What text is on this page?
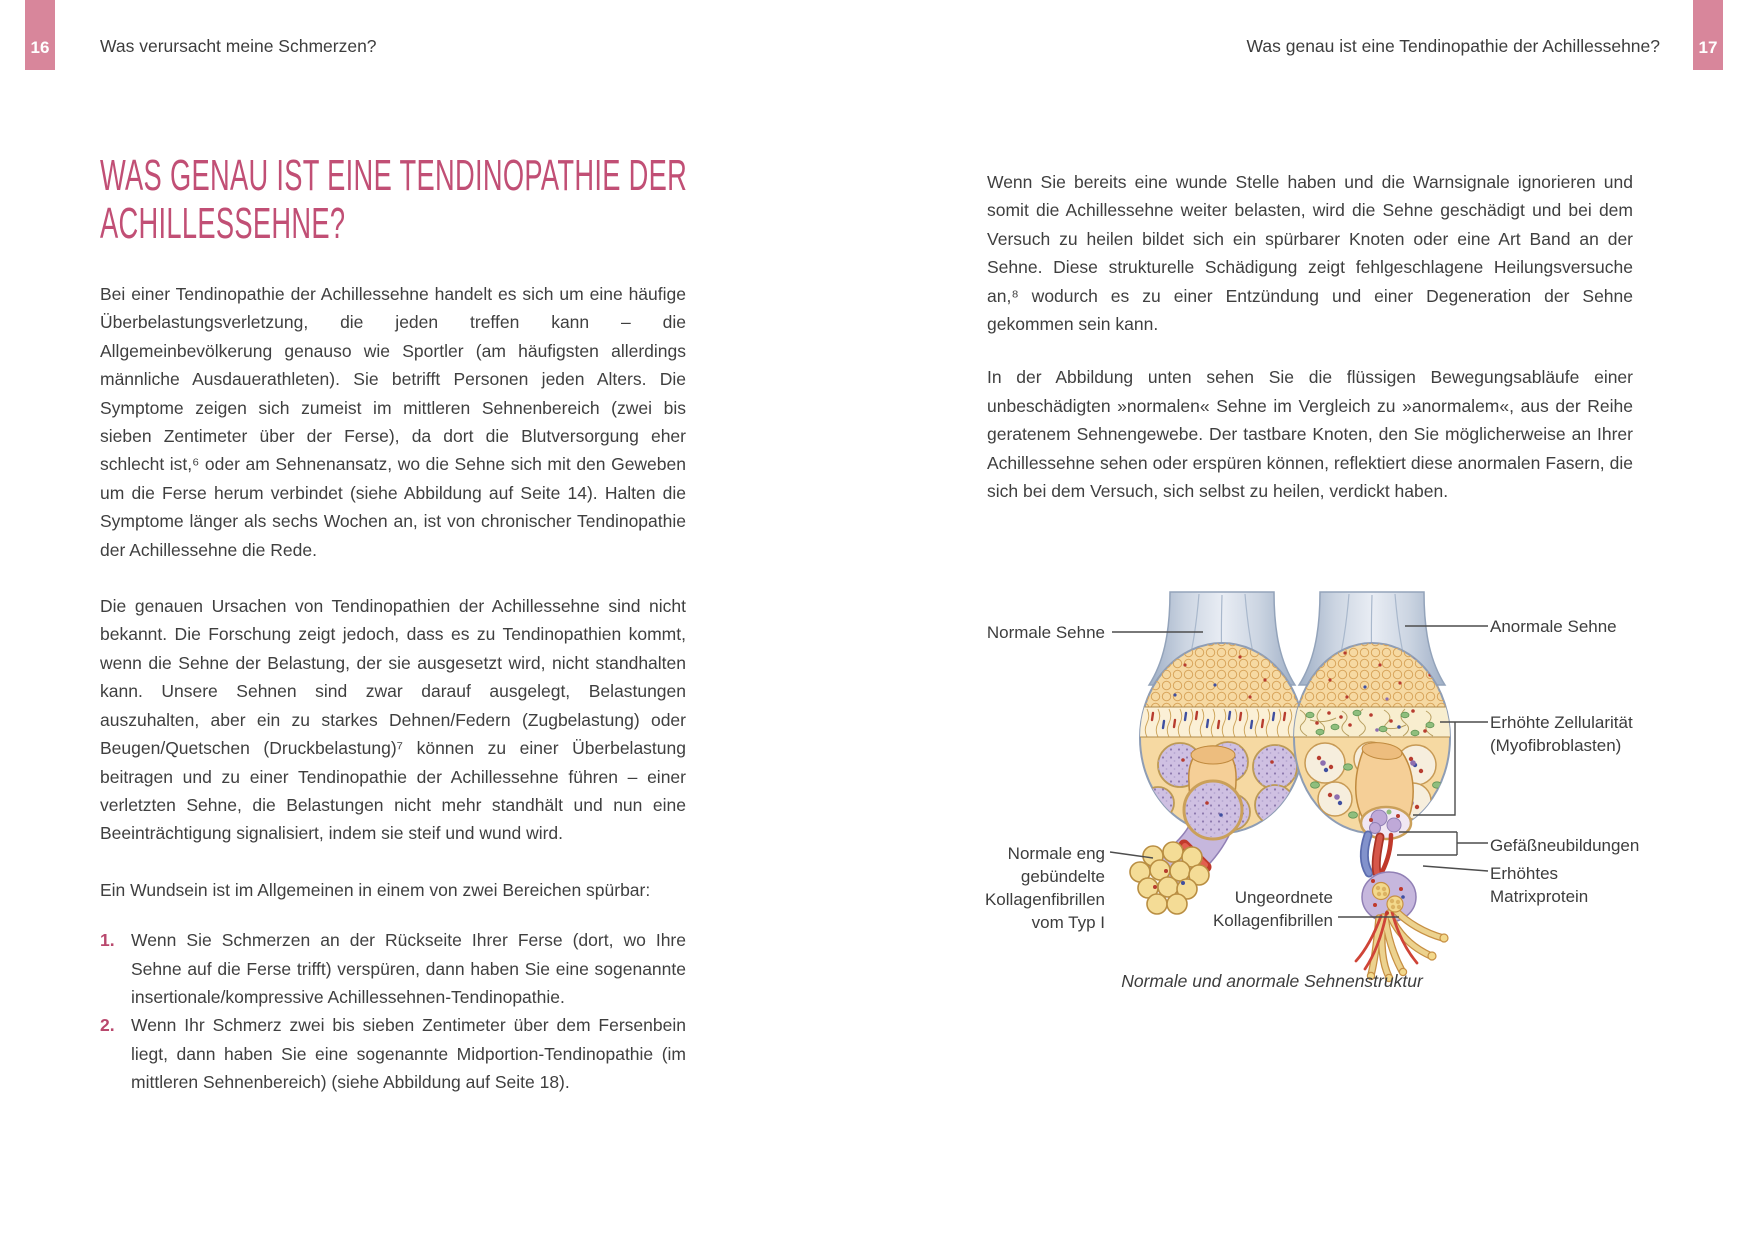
16	Was verursacht meine Schmerzen?	Was genau ist eine Tendinopathie der Achillessehne?	17
WAS GENAU IST EINE TENDINOPATHIE DER ACHILLESSEHNE?

Bei einer Tendinopathie der Achillessehne handelt es sich um eine häufige Überbelastungsverletzung, die jeden treffen kann – die Allgemeinbevölkerung genauso wie Sportler (am häufigsten allerdings männliche Ausdauerathleten). Sie betrifft Personen jeden Alters. Die Symptome zeigen sich zumeist im mittleren Sehnenbereich (zwei bis sieben Zentimeter über der Ferse), da dort die Blutversorgung eher schlecht ist,⁶ oder am Sehnenansatz, wo die Sehne sich mit den Geweben um die Ferse herum verbindet (siehe Abbildung auf Seite 14). Halten die Symptome länger als sechs Wochen an, ist von chronischer Tendinopathie der Achillessehne die Rede.

Die genauen Ursachen von Tendinopathien der Achillessehne sind nicht bekannt. Die Forschung zeigt jedoch, dass es zu Tendinopathien kommt, wenn die Sehne der Belastung, der sie ausgesetzt wird, nicht standhalten kann. Unsere Sehnen sind zwar darauf ausgelegt, Belastungen auszuhalten, aber ein zu starkes Dehnen/Federn (Zugbelastung) oder Beugen/Quetschen (Druckbelastung)⁷ können zu einer Überbelastung beitragen und zu einer Tendinopathie der Achillessehne führen – einer verletzten Sehne, die Belastungen nicht mehr standhält und nun eine Beeinträchtigung signalisiert, indem sie steif und wund wird.

Ein Wundsein ist im Allgemeinen in einem von zwei Bereichen spürbar:

1. Wenn Sie Schmerzen an der Rückseite Ihrer Ferse (dort, wo Ihre Sehne auf die Ferse trifft) verspüren, dann haben Sie eine sogenannte insertionale/kompressive Achillessehnen-Tendinopathie.
2. Wenn Ihr Schmerz zwei bis sieben Zentimeter über dem Fersenbein liegt, dann haben Sie eine sogenannte Midportion-Tendinopathie (im mittleren Sehnenbereich) (siehe Abbildung auf Seite 18).

Wenn Sie bereits eine wunde Stelle haben und die Warnsignale ignorieren und somit die Achillessehne weiter belasten, wird die Sehne geschädigt und bei dem Versuch zu heilen bildet sich ein spürbarer Knoten oder eine Art Band an der Sehne. Diese strukturelle Schädigung zeigt fehlgeschlagene Heilungsversuche an,⁸ wodurch es zu einer Entzündung und einer Degeneration der Sehne gekommen sein kann.

In der Abbildung unten sehen Sie die flüssigen Bewegungsabläufe einer unbeschädigten »normalen« Sehne im Vergleich zu »anormalem«, aus der Reihe geratenem Sehnengewebe. Der tastbare Knoten, den Sie möglicherweise an Ihrer Achillessehne sehen oder erspüren können, reflektiert diese anormalen Fasern, die sich bei dem Versuch, sich selbst zu heilen, verdickt haben.

Normale Sehne	Anormale Sehne
Erhöhte Zellularität (Myofibroblasten)
Gefäßneubildungen
Erhöhtes Matrixprotein
Normale eng gebündelte Kollagenfibrillen vom Typ I
Ungeordnete Kollagenfibrillen
Normale und anormale Sehnenstruktur
